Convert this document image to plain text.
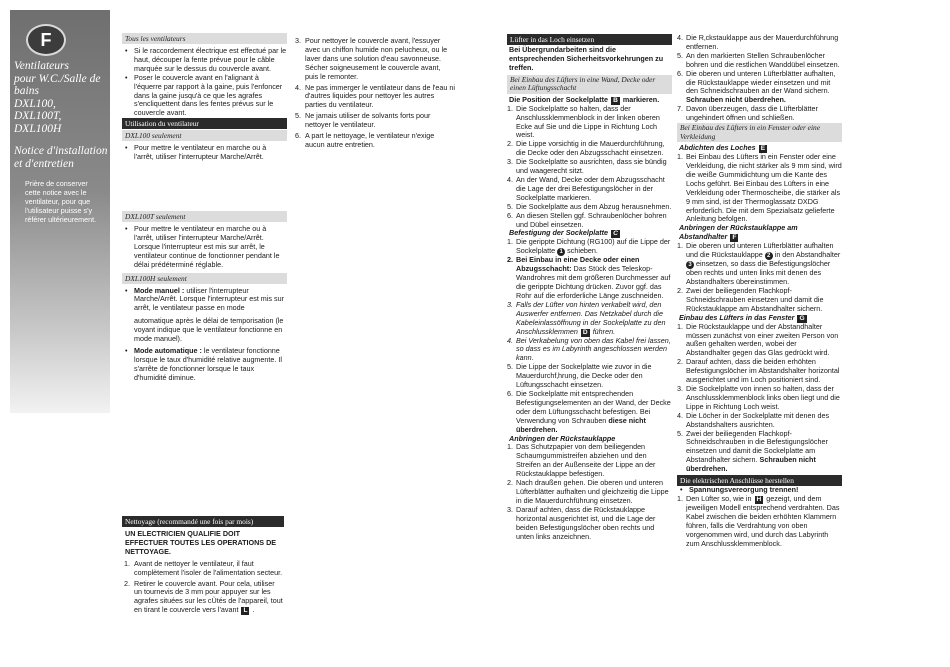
F
Ventilateurs
pour W.C./Salle de
bains
DXL100,
DXL100T,
DXL100H
Notice d'installation
et d'entretien
Prière de conserver cette notice avec le ventilateur, pour que l'utilisateur puisse s'y référer ultérieurement.
Tous les ventilateurs
• Si le raccordement électrique est effectué par le haut, découper la fente prévue pour le câble marquée sur le dessus du couvercle avant.
• Poser le couvercle avant en l'alignant à l'équerre par rapport à la gaine, puis l'enfoncer dans la gaine jusqu'à ce que les agrafes s'encliquettent dans les fentes prévus sur le couvercle avant.
Utilisation du ventilateur
DXL100 seulement
• Pour mettre le ventilateur en marche ou à l'arrêt, utiliser l'interrupteur Marche/Arrêt.
DXL100T seulement
• Pour mettre le ventilateur en marche ou à l'arrêt, utiliser l'interrupteur Marche/Arrêt. Lorsque l'interrupteur est mis sur arrêt, le ventilateur continue de fonctionner pendant le délai prédéterminé réglable.
DXL100H seulement
• Mode manuel : utiliser l'interrupteur Marche/Arrêt. Lorsque l'interrupteur est mis sur arrêt, le ventilateur passe en mode
automatique après le délai de temporisation (le voyant indique que le ventilateur fonctionne en mode manuel).
• Mode automatique : le ventilateur fonctionne lorsque le taux d'humidité relative augmente. Il s'arrête de fonctionner lorsque le taux d'humidité diminue.
Nettoyage (recommandé une fois par mois)
UN ELECTRICIEN QUALIFIE DOIT EFFECTUER TOUTES LES OPERATIONS DE NETTOYAGE.
1. Avant de nettoyer le ventilateur, il faut complètement l'isoler de l'alimentation secteur.
2. Retirer le couvercle avant. Pour cela, utiliser un tournevis de 3 mm pour appuyer sur les agrafes situées sur les cÙtés de l'appareil, tout en tirant le couvercle vers l'avant L .
3. Pour nettoyer le couvercle avant, l'essuyer avec un chiffon humide non pelucheux, ou le laver dans une solution d'eau savonneuse. Sécher soigneusement le couvercle avant, puis le remonter.
4. Ne pas immerger le ventilateur dans de l'eau ni d'autres liquides pour nettoyer les autres parties du ventilateur.
5. Ne jamais utiliser de solvants forts pour nettoyer le ventilateur.
6. A part le nettoyage, le ventilateur n'exige aucun autre entretien.
Lüfter in das Loch einsetzen
Bei Übergrundarbeiten sind die entsprechenden Sicherheitsvorkehrungen zu treffen.
Bei Einbau des Lüfters in eine Wand, Decke oder einen Lüftungsschacht
Die Position der Sockelplatte B markieren.
1. Die Sockelplatte so halten, dass der Anschlussklemmenblock in der linken oberen Ecke auf Sie und die Lippe in Richtung Loch weist.
2. Die Lippe vorsichtig in die Mauerdurchführung, die Decke oder den Abzugsschacht einsetzen.
3. Die Sockelplatte so ausrichten, dass sie bündig und waagerecht sitzt.
4. An der Wand, Decke oder dem Abzugsschacht die Lage der drei Befestigungslöcher in der Sockelplatte markieren.
5. Die Sockelplatte aus dem Abzug herausnehmen.
6. An diesen Stellen ggf. Schraubenlöcher bohren und Dübel einsetzen.
Befestigung der Sockelplatte C
1. Die gerippte Dichtung (RG100) auf die Lippe der Sockelplatte 1 schieben.
2. Bei Einbau in eine Decke oder einen Abzugsschacht: Das Stück des Teleskop-Wandrohres mit dem größeren Durchmesser auf die gerippte Dichtung drücken. Zuvor ggf. das Rohr auf die erforderliche Länge zuschneiden.
3. Falls der Lüfter von hinten verkabelt wird, den Auswerfer entfernen. Das Netzkabel durch die Kabeleinlassöffnung in der Sockelplatte zu den Anschlussklemmen D führen.
4. Bei Verkabelung von oben das Kabel frei lassen, so dass es im Labyrinth angeschlossen werden kann.
5. Die Lippe der Sockelplatte wie zuvor in die Mauerdurchf‚hrung, die Decke oder den Lüftungsschacht einsetzen.
6. Die Sockelplatte mit entsprechenden Befestigungselementen an der Wand, der Decke oder dem Lüftungsschacht befestigen. Bei Verwendung von Schrauben diese nicht überdrehen.
Anbringen der Rückstauklappe
1. Das Schutzpapier von dem beiliegenden Schaumgummistreifen abziehen und den Streifen an der Außenseite der Lippe an der Rückstauklappe befestigen.
2. Nach draußen gehen. Die oberen und unteren Lüfterblätter aufhalten und gleichzeitig die Lippe in die Mauerdurchführung einsetzen.
3. Darauf achten, dass die Rückstauklappe horizontal ausgerichtet ist, und die Lage der beiden Befestigungslöcher oben rechts und unten links anzeichnen.
4. Die R‚ckstauklappe aus der Mauerdurchführung entfernen.
5. An den markierten Stellen Schraubenlöcher bohren und die restlichen Wanddübel einsetzen.
6. Die oberen und unteren Lüfterblätter aufhalten, die Rückstauklappe wieder einsetzen und mit den Schneidschrauben an der Wand sichern. Schrauben nicht überdrehen.
7. Davon überzeugen, dass die Lüfterblätter ungehindert öffnen und schließen.
Bei Einbau des Lüfters in ein Fenster oder eine Verkleidung
Abdichten des Loches E
1. Bei Einbau des Lüfters in ein Fenster oder eine Verkleidung, die nicht stärker als 9 mm sind, wird die weiße Gummidichtung um die Kante des Lochs geführt. Bei Einbau des Lüfters in eine Verkleidung oder Thermoscheibe, die stärker als 9 mm sind, ist der Thermoglassatz DXDG erforderlich. Die mit dem Spezialsatz gelieferte Anleitung befolgen.
Anbringen der Rückstauklappe am Abstandhalter F
1. Die oberen und unteren Lüfterblätter aufhalten und die Rückstauklappe 2 in den Abstandhalter 3 einsetzen, so dass die Befestigungslöcher oben rechts und unten links mit denen des Abstandhalters übereinstimmen.
2. Zwei der beiliegenden Flachkopf-Schneidschrauben einsetzen und damit die Rückstauklappe am Abstandhalter sichern.
Einbau des Lüfters in das Fenster G
1. Die Rückstauklappe und der Abstandhalter müssen zunächst von einer zweiten Person von außen gehalten werden, wobei der Abstandhalter gegen das Glas gedrückt wird.
2. Darauf achten, dass die beiden erhöhten Befestigungslöcher im Abstandshalter horizontal ausgerichtet und im Loch positioniert sind.
3. Die Sockelplatte von innen so halten, dass der Anschlussklemmenblock links oben liegt und die Lippe in Richtung Loch weist.
4. Die Löcher in der Sockelplatte mit denen des Abstandshalters ausrichten.
5. Zwei der beiliegenden Flachkopf-Schneidschrauben in die Befestigungslöcher einsetzen und damit die Sockelplatte am Abstandhalter sichern. Schrauben nicht überdrehen.
Die elektrischen Anschlüsse herstellen
• Spannungsvereorgung trennen!
1. Den Lüfter so, wie in H gezeigt, und dem jeweiligen Modell entsprechend verdrahten. Das Kabel zwischen die beiden erhöhten Klammern führen, falls die Verdrahtung von oben vorgenommen wird, und durch das Labyrinth zum Anschlussklemmenblock.
